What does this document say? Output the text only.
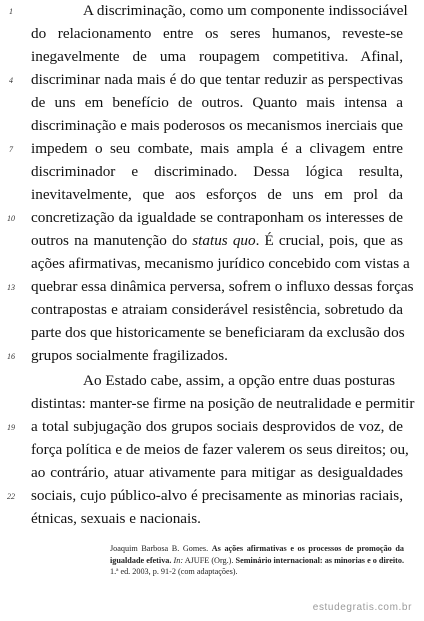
A discriminação, como um componente indissociável
do relacionamento entre os seres humanos, reveste-se
inegavelmente de uma roupagem competitiva. Afinal,
discriminar nada mais é do que tentar reduzir as perspectivas
de uns em benefício de outros. Quanto mais intensa a
discriminação e mais poderosos os mecanismos inerciais que
impedem o seu combate, mais ampla é a clivagem entre
discriminador e discriminado. Dessa lógica resulta,
inevitavelmente, que aos esforços de uns em prol da
concretização da igualdade se contraponham os interesses de
outros na manutenção do status quo. É crucial, pois, que as
ações afirmativas, mecanismo jurídico concebido com vistas a
quebrar essa dinâmica perversa, sofrem o influxo dessas forças
contrapostas e atraiam considerável resistência, sobretudo da
parte dos que historicamente se beneficiaram da exclusão dos
grupos socialmente fragilizados.
Ao Estado cabe, assim, a opção entre duas posturas
distintas: manter-se firme na posição de neutralidade e permitir
a total subjugação dos grupos sociais desprovidos de voz, de
força política e de meios de fazer valerem os seus direitos; ou,
ao contrário, atuar ativamente para mitigar as desigualdades
sociais, cujo público-alvo é precisamente as minorias raciais,
étnicas, sexuais e nacionais.
1
4
7
10
13
16
19
22
Joaquim Barbosa B. Gomes. As ações afirmativas e os processos de promoção da igualdade efetiva. In: AJUFE (Org.). Seminário internacional: as minorias e o direito. 1.ª ed. 2003, p. 91-2 (com adaptações).
estudegratis.com.br
